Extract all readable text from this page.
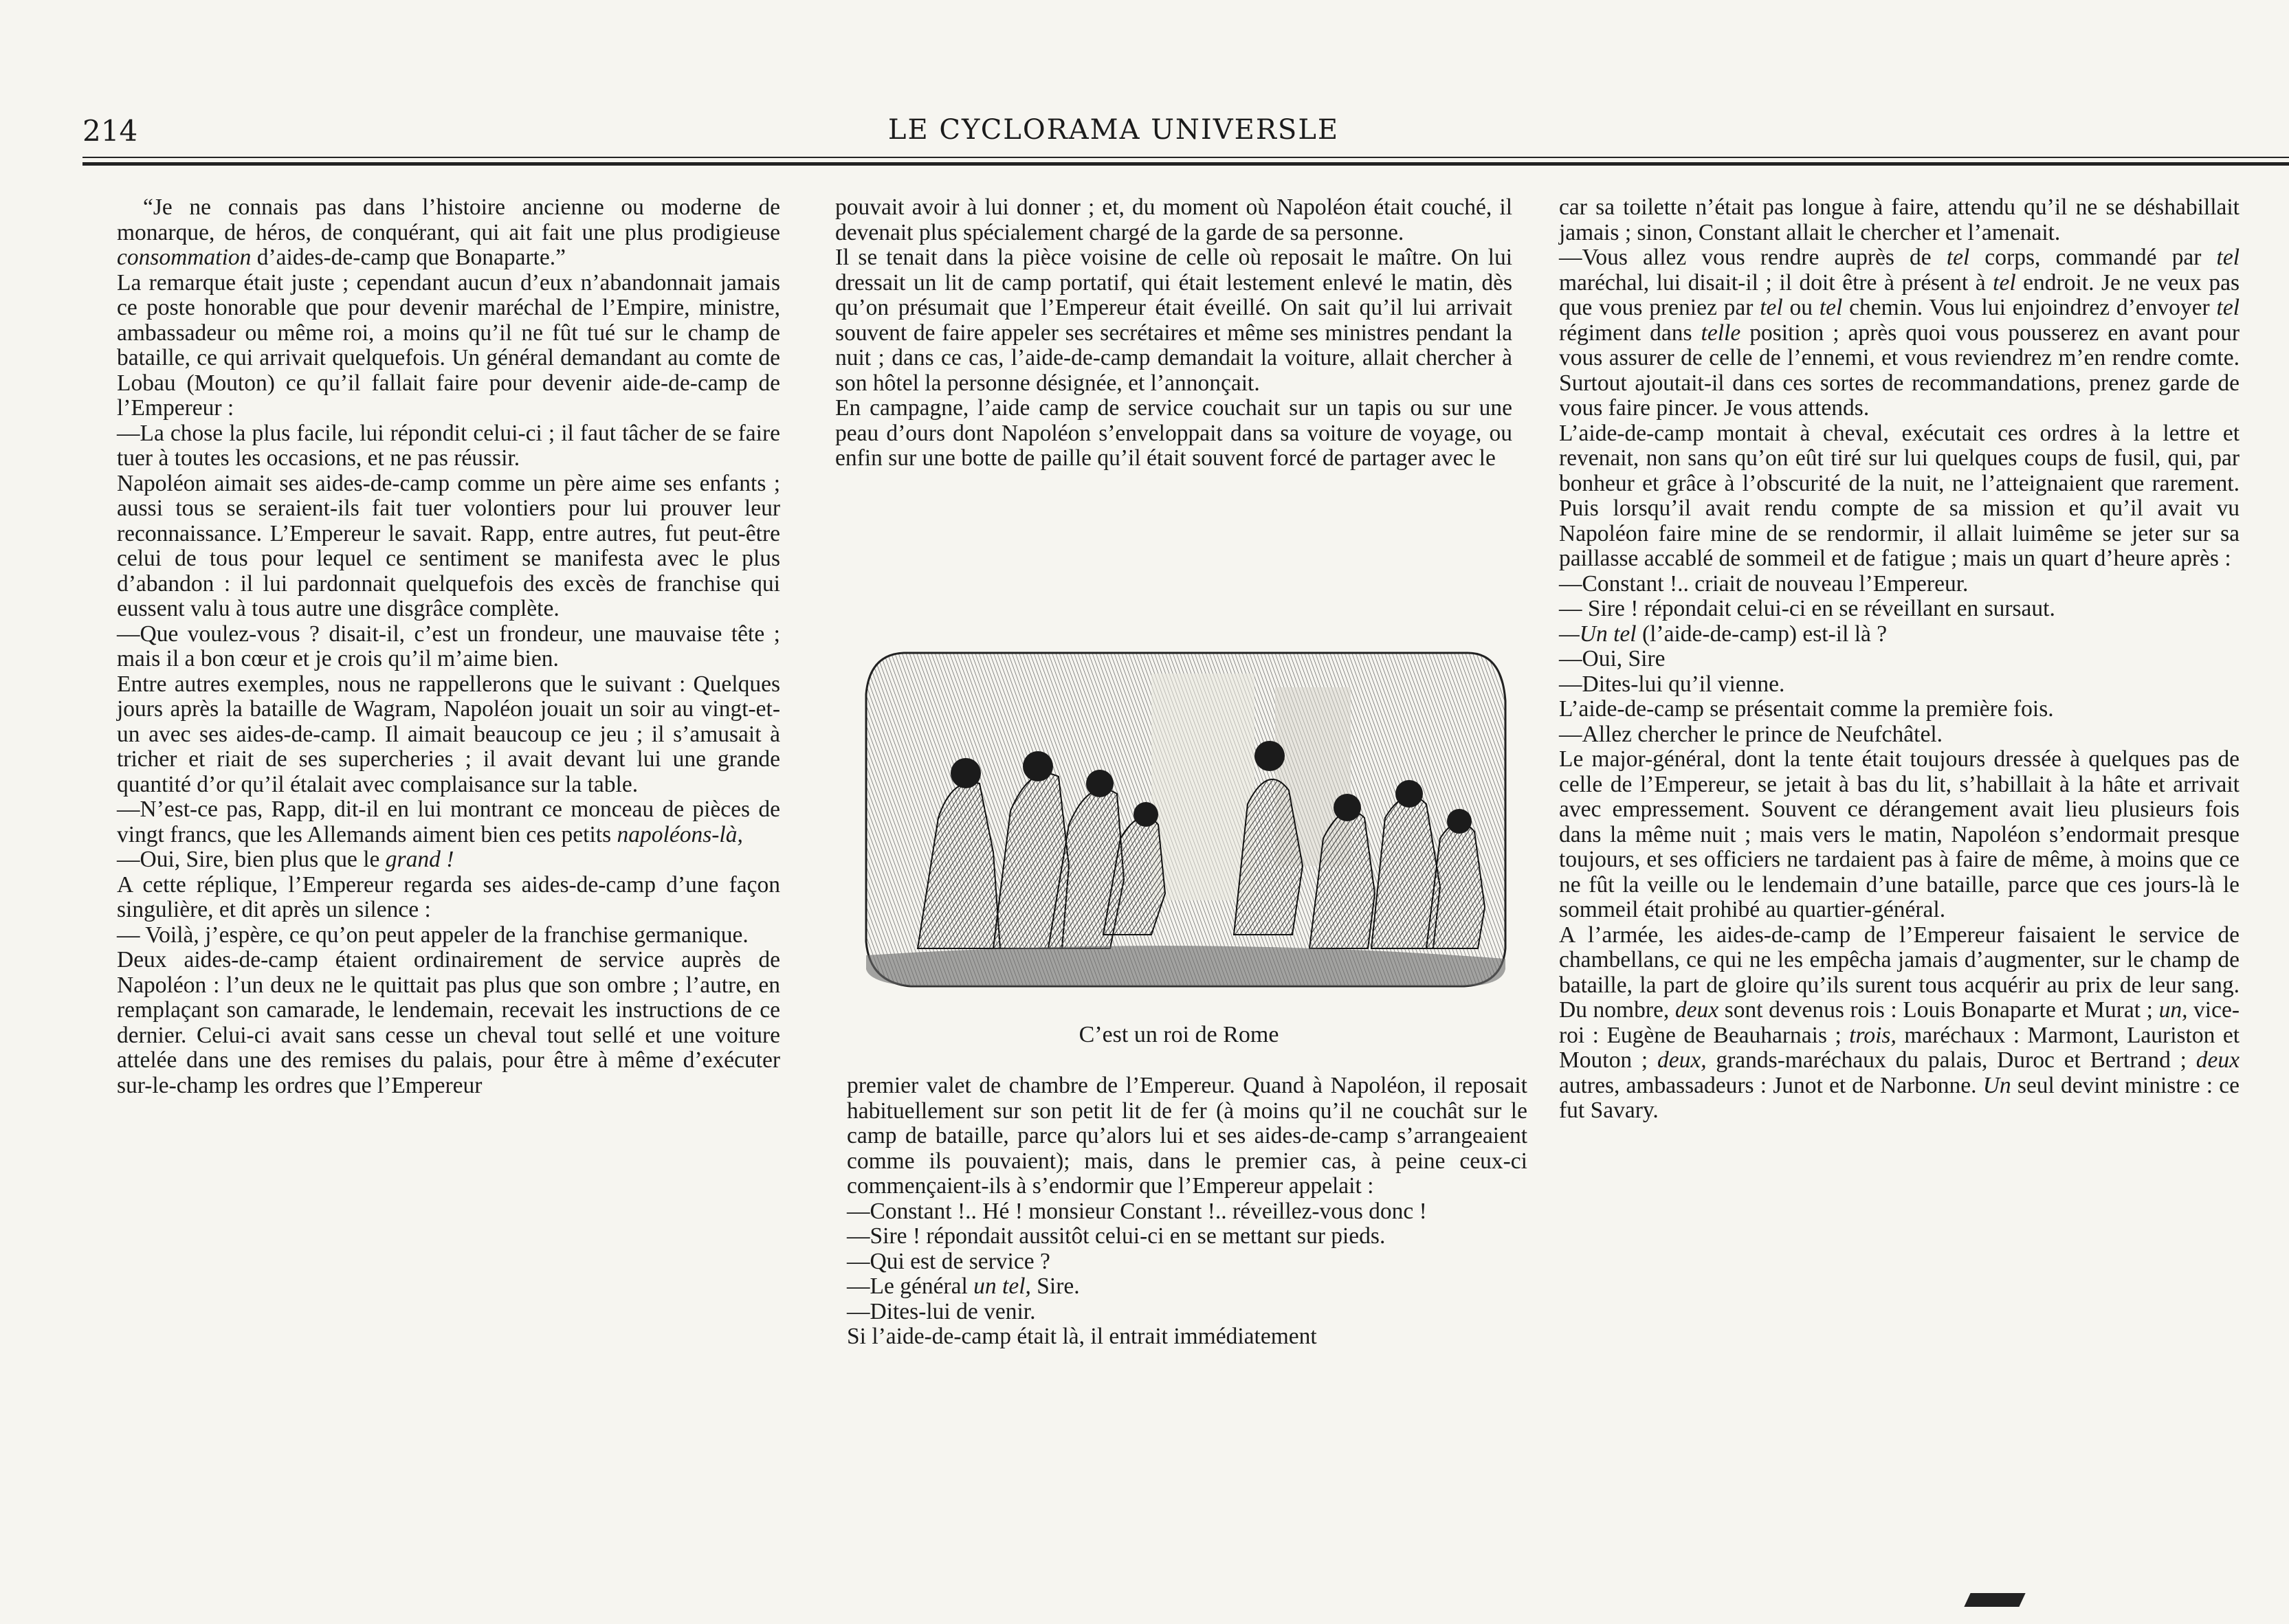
214	LE CYCLORAMA UNIVERSLE

“Je ne connais pas dans l’histoire ancienne ou moderne de monarque, de héros, de conquérant, qui ait fait une plus prodigieuse consommation d’aides-de-camp que Bonaparte.”

La remarque était juste ; cependant aucun d’eux n’abandonnait jamais ce poste honorable que pour devenir maréchal de l’Empire, ministre, ambassadeur ou même roi, a moins qu’il ne fût tué sur le champ de bataille, ce qui arrivait quelquefois. Un général demandant au comte de Lobau (Mouton) ce qu’il fallait faire pour devenir aide-de-camp de l’Empereur :

—La chose la plus facile, lui répondit celui-ci ; il faut tâcher de se faire tuer à toutes les occasions, et ne pas réussir.

Napoléon aimait ses aides-de-camp comme un père aime ses enfants ; aussi tous se seraient-ils fait tuer volontiers pour lui prouver leur reconnaissance. L’Empereur le savait. Rapp, entre autres, fut peut-être celui de tous pour lequel ce sentiment se manifesta avec le plus d’abandon : il lui pardonnait quelquefois des excès de franchise qui eussent valu à tous autre une disgrâce complète.

—Que voulez-vous ? disait-il, c’est un frondeur, une mauvaise tête ; mais il a bon cœur et je crois qu’il m’aime bien.

Entre autres exemples, nous ne rappellerons que le suivant : Quelques jours après la bataille de Wagram, Napoléon jouait un soir au vingt-et-un avec ses aides-de-camp. Il aimait beaucoup ce jeu ; il s’amusait à tricher et riait de ses supercheries ; il avait devant lui une grande quantité d’or qu’il étalait avec complaisance sur la table.

—N’est-ce pas, Rapp, dit-il en lui montrant ce monceau de pièces de vingt francs, que les Allemands aiment bien ces petits napoléons-là,

—Oui, Sire, bien plus que le grand !

A cette réplique, l’Empereur regarda ses aides-de-camp d’une façon singulière, et dit après un silence :

— Voilà, j’espère, ce qu’on peut appeler de la franchise germanique.

Deux aides-de-camp étaient ordinairement de service auprès de Napoléon : l’un deux ne le quittait pas plus que son ombre ; l’autre, en remplaçant son camarade, le lendemain, recevait les instructions de ce dernier. Celui-ci avait sans cesse un cheval tout sellé et une voiture attelée dans une des remises du palais, pour être à même d’exécuter sur-le-champ les ordres que l’Empereur

pouvait avoir à lui donner ; et, du moment où Napoléon était couché, il devenait plus spécialement chargé de la garde de sa personne.

Il se tenait dans la pièce voisine de celle où reposait le maître. On lui dressait un lit de camp portatif, qui était lestement enlevé le matin, dès qu’on présumait que l’Empereur était éveillé. On sait qu’il lui arrivait souvent de faire appeler ses secrétaires et même ses ministres pendant la nuit ; dans ce cas, l’aide-de-camp demandait la voiture, allait chercher à son hôtel la personne désignée, et l’annonçait.

En campagne, l’aide camp de service couchait sur un tapis ou sur une peau d’ours dont Napoléon s’enveloppait dans sa voiture de voyage, ou enfin sur une botte de paille qu’il était souvent forcé de partager avec le

C’est un roi de Rome

premier valet de chambre de l’Empereur. Quand à Napoléon, il reposait habituellement sur son petit lit de fer (à moins qu’il ne couchât sur le camp de bataille, parce qu’alors lui et ses aides-de-camp s’arrangeaient comme ils pouvaient); mais, dans le premier cas, à peine ceux-ci commençaient-ils à s’endormir que l’Empereur appelait :

—Constant !.. Hé ! monsieur Constant !.. réveillez-vous donc !

—Sire ! répondait aussitôt celui-ci en se mettant sur pieds.

—Qui est de service ?

—Le général un tel, Sire.

—Dites-lui de venir.

Si l’aide-de-camp était là, il entrait immédiatement

car sa toilette n’était pas longue à faire, attendu qu’il ne se déshabillait jamais ; sinon, Constant allait le chercher et l’amenait.

—Vous allez vous rendre auprès de tel corps, commandé par tel maréchal, lui disait-il ; il doit être à présent à tel endroit. Je ne veux pas que vous preniez par tel ou tel chemin. Vous lui enjoindrez d’envoyer tel régiment dans telle position ; après quoi vous pousserez en avant pour vous assurer de celle de l’ennemi, et vous reviendrez m’en rendre comte. Surtout ajoutait-il dans ces sortes de recommandations, prenez garde de vous faire pincer. Je vous attends.

L’aide-de-camp montait à cheval, exécutait ces ordres à la lettre et revenait, non sans qu’on eût tiré sur lui quelques coups de fusil, qui, par bonheur et grâce à l’obscurité de la nuit, ne l’atteignaient que rarement. Puis lorsqu’il avait rendu compte de sa mission et qu’il avait vu Napoléon faire mine de se rendormir, il allait luimême se jeter sur sa paillasse accablé de sommeil et de fatigue ; mais un quart d’heure après :

—Constant !.. criait de nouveau l’Empereur.

— Sire ! répondait celui-ci en se réveillant en sursaut.

—Un tel (l’aide-de-camp) est-il là ?

—Oui, Sire

—Dites-lui qu’il vienne.

L’aide-de-camp se présentait comme la première fois.

—Allez chercher le prince de Neufchâtel.

Le major-général, dont la tente était toujours dressée à quelques pas de celle de l’Empereur, se jetait à bas du lit, s’habillait à la hâte et arrivait avec empressement. Souvent ce dérangement avait lieu plusieurs fois dans la même nuit ; mais vers le matin, Napoléon s’endormait presque toujours, et ses officiers ne tardaient pas à faire de même, à moins que ce ne fût la veille ou le lendemain d’une bataille, parce que ces jours-là le sommeil était prohibé au quartier-général.

A l’armée, les aides-de-camp de l’Empereur faisaient le service de chambellans, ce qui ne les empêcha jamais d’augmenter, sur le champ de bataille, la part de gloire qu’ils surent tous acquérir au prix de leur sang. Du nombre, deux sont devenus rois : Louis Bonaparte et Murat ; un, vice-roi : Eugène de Beauharnais ; trois, maréchaux : Marmont, Lauriston et Mouton ; deux, grands-maréchaux du palais, Duroc et Bertrand ; deux autres, ambassadeurs : Junot et de Narbonne. Un seul devint ministre : ce fut Savary.
